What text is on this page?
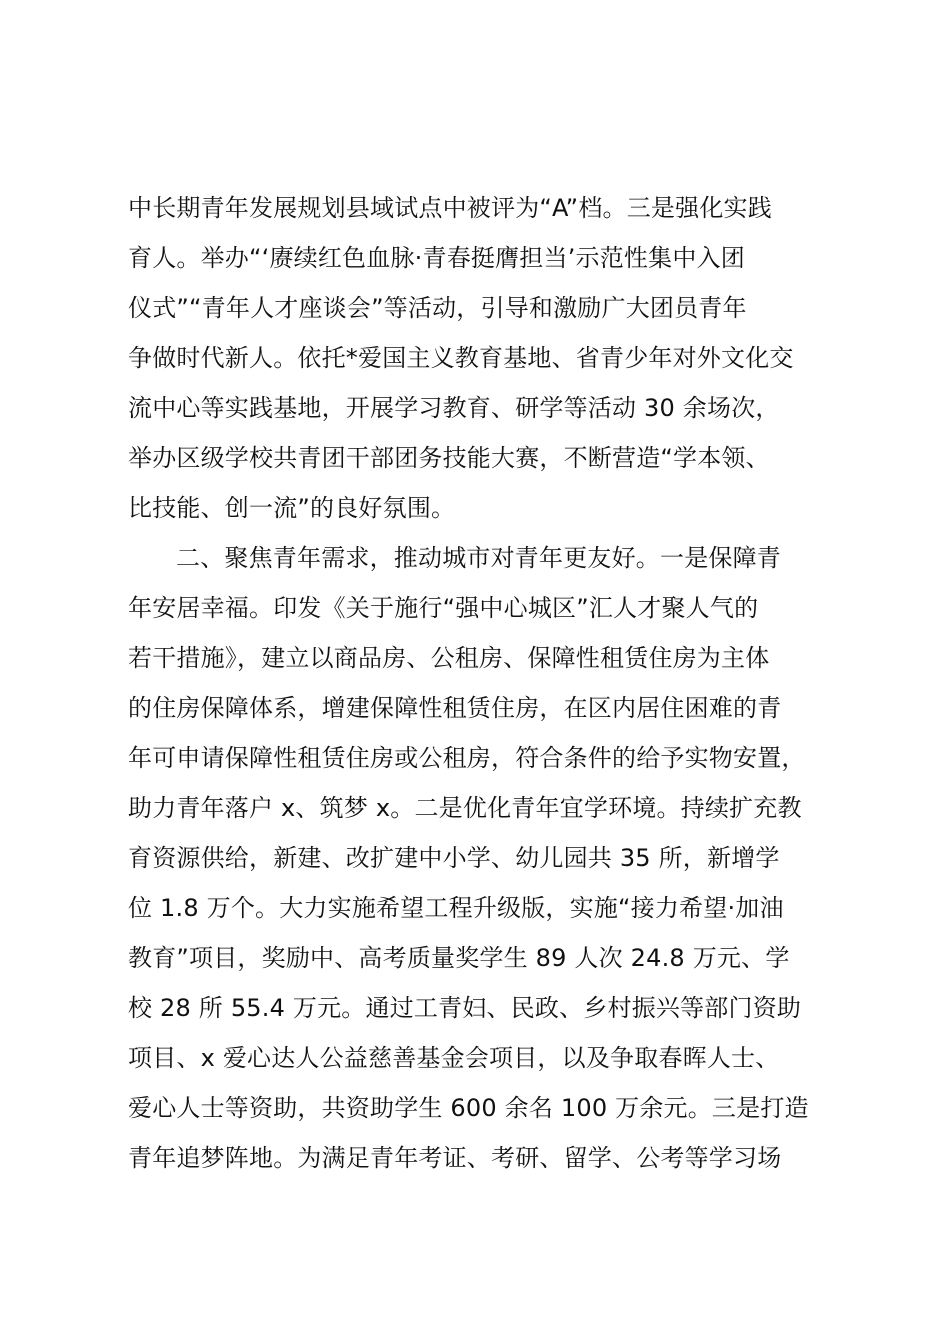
中长期青年发展规划县域试点中被评为“A”档。三是强化实践
育人。举办“‘赓续红色血脉·青春挺膺担当’示范性集中入团
仪式”“青年人才座谈会”等活动，引导和激励广大团员青年
争做时代新人。依托*爱国主义教育基地、省青少年对外文化交
流中心等实践基地，开展学习教育、研学等活动 30 余场次，
举办区级学校共青团干部团务技能大赛，不断营造“学本领、
比技能、创一流”的良好氛围。
二、聚焦青年需求，推动城市对青年更友好。一是保障青
年安居幸福。印发《关于施行“强中心城区”汇人才聚人气的
若干措施》，建立以商品房、公租房、保障性租赁住房为主体
的住房保障体系，增建保障性租赁住房，在区内居住困难的青
年可申请保障性租赁住房或公租房，符合条件的给予实物安置，
助力青年落户 x、筑梦 x。二是优化青年宜学环境。持续扩充教
育资源供给，新建、改扩建中小学、幼儿园共 35 所，新增学
位 1.8 万个。大力实施希望工程升级版，实施“接力希望·加油
教育”项目，奖励中、高考质量奖学生 89 人次 24.8 万元、学
校 28 所 55.4 万元。通过工青妇、民政、乡村振兴等部门资助
项目、x 爱心达人公益慈善基金会项目，以及争取春晖人士、
爱心人士等资助，共资助学生 600 余名 100 万余元。三是打造
青年追梦阵地。为满足青年考证、考研、留学、公考等学习场
